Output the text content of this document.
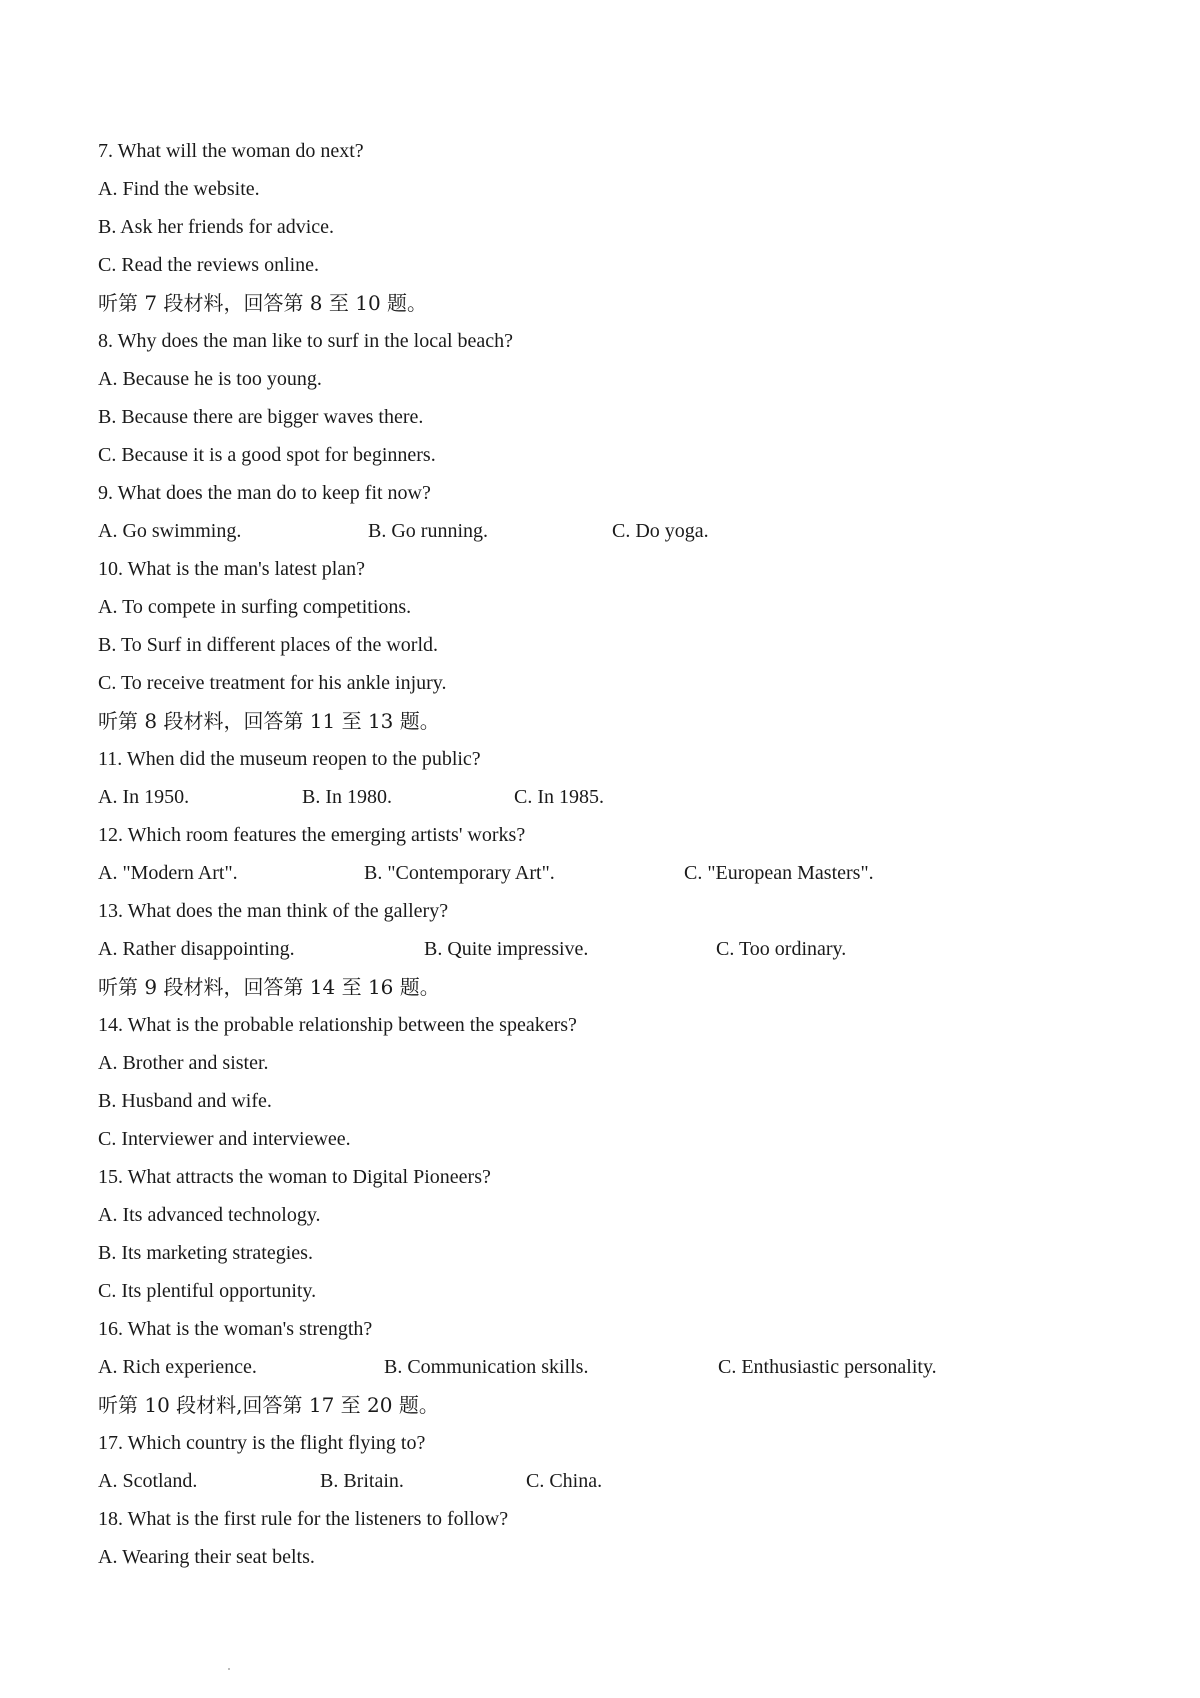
7. What will the woman do next?
A. Find the website.
B. Ask her friends for advice.
C. Read the reviews online.
听第 7 段材料，回答第 8 至 10 题。
8. Why does the man like to surf in the local beach?
A. Because he is too young.
B. Because there are bigger waves there.
C. Because it is a good spot for beginners.
9. What does the man do to keep fit now?
A. Go swimming.	B. Go running.	C. Do yoga.
10. What is the man's latest plan?
A. To compete in surfing competitions.
B. To Surf in different places of the world.
C. To receive treatment for his ankle injury.
听第 8 段材料，回答第 11 至 13 题。
11. When did the museum reopen to the public?
A. In 1950.	B. In 1980.	C. In 1985.
12. Which room features the emerging artists' works?
A. "Modern Art".	B. "Contemporary Art".	C. "European Masters".
13. What does the man think of the gallery?
A. Rather disappointing.	B. Quite impressive.	C. Too ordinary.
听第 9 段材料，回答第 14 至 16 题。
14. What is the probable relationship between the speakers?
A. Brother and sister.
B. Husband and wife.
C. Interviewer and interviewee.
15. What attracts the woman to Digital Pioneers?
A. Its advanced technology.
B. Its marketing strategies.
C. Its plentiful opportunity.
16. What is the woman's strength?
A. Rich experience.	B. Communication skills.	C. Enthusiastic personality.
听第 10 段材料,回答第 17 至 20 题。
17. Which country is the flight flying to?
A. Scotland.	B. Britain.	C. China.
18. What is the first rule for the listeners to follow?
A. Wearing their seat belts.
